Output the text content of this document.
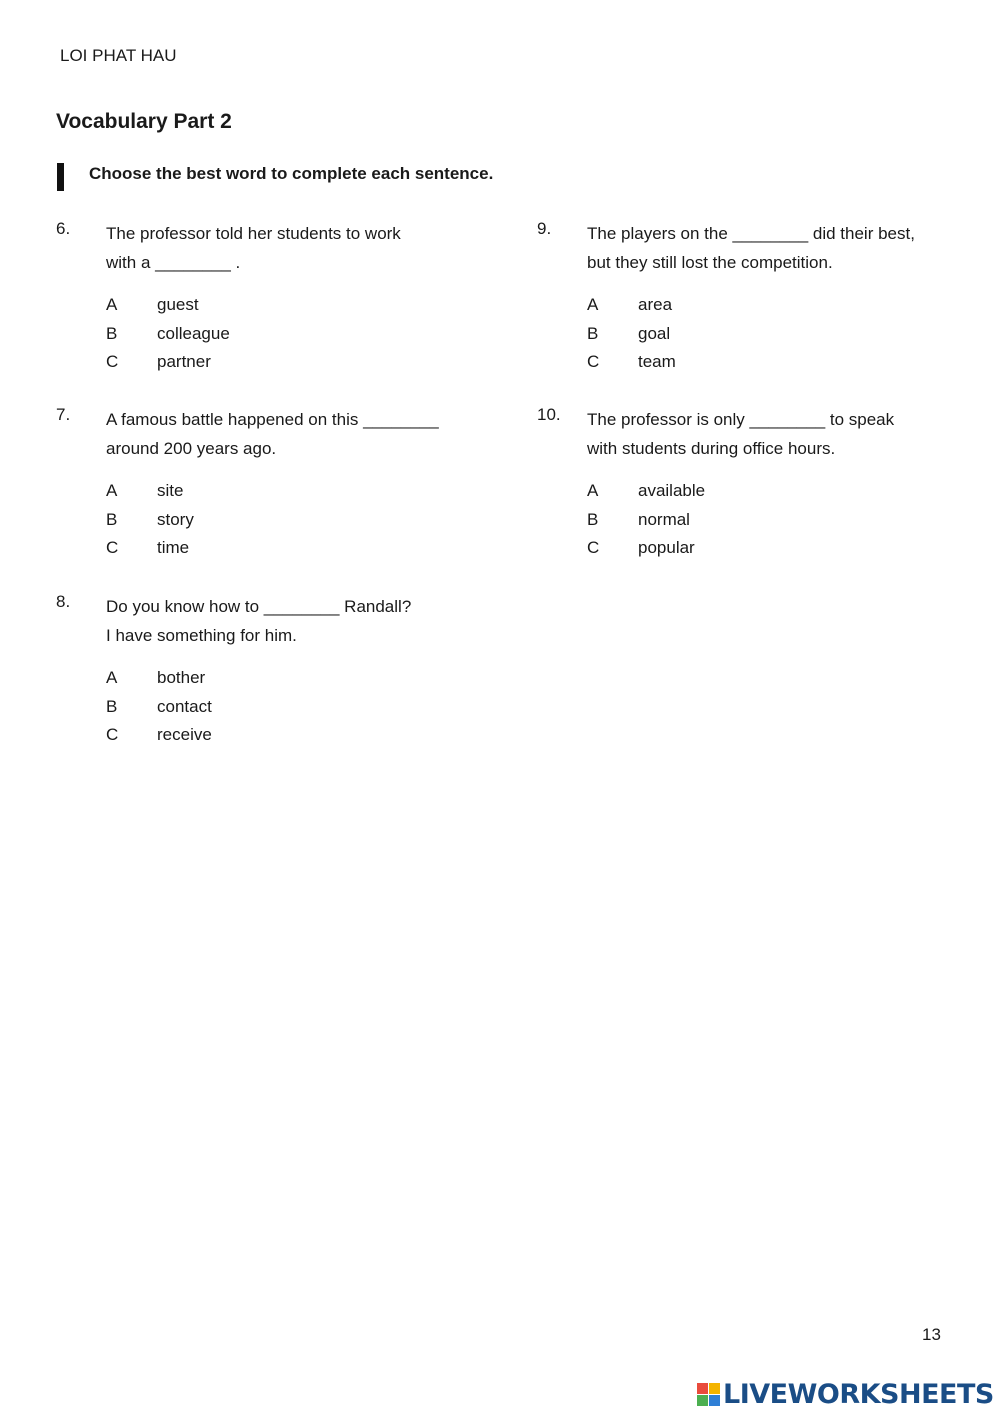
LOI PHAT HAU
Vocabulary Part 2
Choose the best word to complete each sentence.
6. The professor told her students to work
with a ________ .
A guest
B colleague
C partner
7. A famous battle happened on this ________
around 200 years ago.
A site
B story
C time
8. Do you know how to ________ Randall?
I have something for him.
A bother
B contact
C receive
9. The players on the ________ did their best,
but they still lost the competition.
A area
B goal
C team
10. The professor is only ________ to speak
with students during office hours.
A available
B normal
C popular
13
LIVEWORKSHEETS
